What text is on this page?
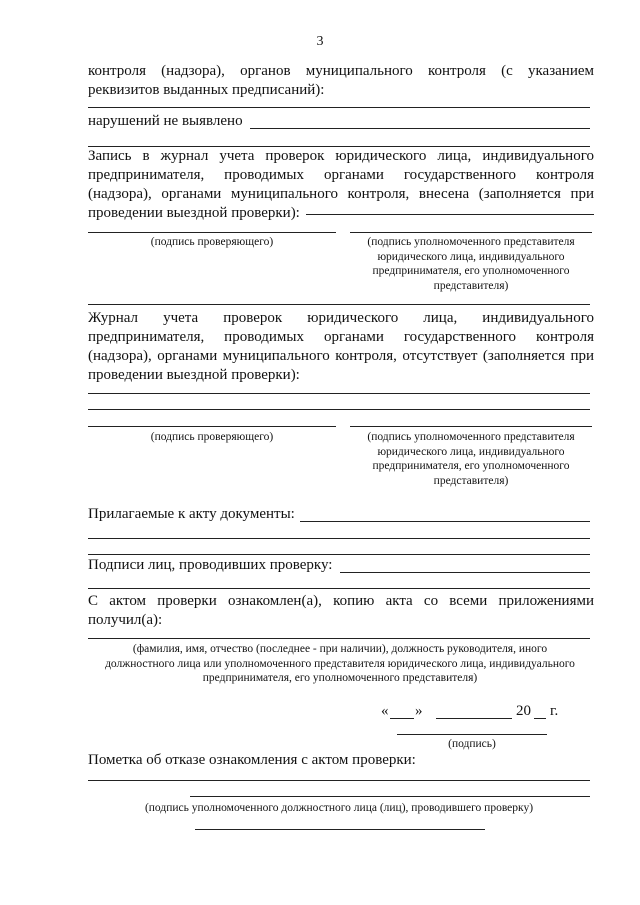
3
контроля (надзора), органов муниципального контроля (с указанием реквизитов выданных предписаний):
нарушений не выявлено
Запись в журнал учета проверок юридического лица, индивидуального предпринимателя, проводимых органами государственного контроля (надзора), органами муниципального контроля, внесена (заполняется при проведении выездной проверки):
(подпись проверяющего)	(подпись уполномоченного представителя юридического лица, индивидуального предпринимателя, его уполномоченного представителя)
Журнал учета проверок юридического лица, индивидуального предпринимателя, проводимых органами государственного контроля (надзора), органами муниципального контроля, отсутствует (заполняется при проведении выездной проверки):
(подпись проверяющего)	(подпись уполномоченного представителя юридического лица, индивидуального предпринимателя, его уполномоченного представителя)
Прилагаемые к акту документы:
Подписи лиц, проводивших проверку:
С актом проверки ознакомлен(а), копию акта со всеми приложениями получил(а):
(фамилия, имя, отчество (последнее - при наличии), должность руководителя, иного должностного лица или уполномоченного представителя юридического лица, индивидуального предпринимателя, его уполномоченного представителя)
« »	20 г.
(подпись)
Пометка об отказе ознакомления с актом проверки:
(подпись уполномоченного должностного лица (лиц), проводившего проверку)
